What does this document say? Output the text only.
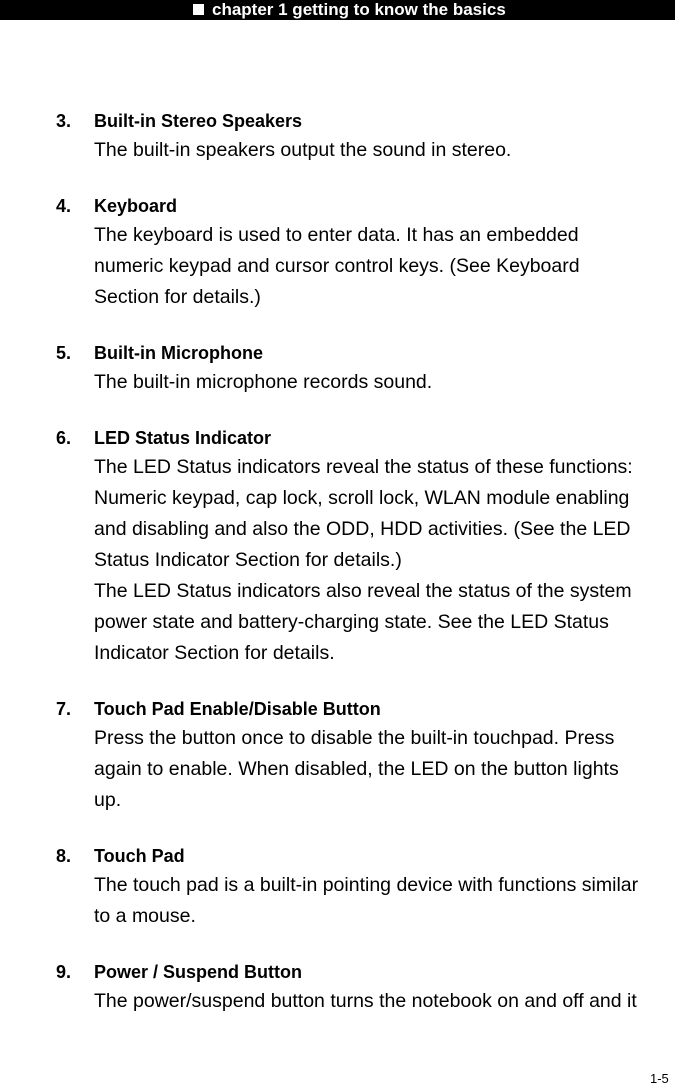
chapter 1 getting to know the basics
3. Built-in Stereo Speakers

The built-in speakers output the sound in stereo.

4. Keyboard

The keyboard is used to enter data. It has an embedded
numeric keypad and cursor control keys. (See Keyboard
Section for details.)

5. Built-in Microphone

The built-in microphone records sound.

6. LED Status Indicator

The LED Status indicators reveal the status of these functions:
Numeric keypad, cap lock, scroll lock, WLAN module enabling
and disabling and also the ODD, HDD activities. (See the LED
Status Indicator Section for details.)
The LED Status indicators also reveal the status of the system
power state and battery-charging state. See the LED Status
Indicator Section for details.

7. Touch Pad Enable/Disable Button

Press the button once to disable the built-in touchpad. Press
again to enable. When disabled, the LED on the button lights
up.

8. Touch Pad

The touch pad is a built-in pointing device with functions similar
to a mouse.

9. Power / Suspend Button

The power/suspend button turns the notebook on and off and it

1-5
